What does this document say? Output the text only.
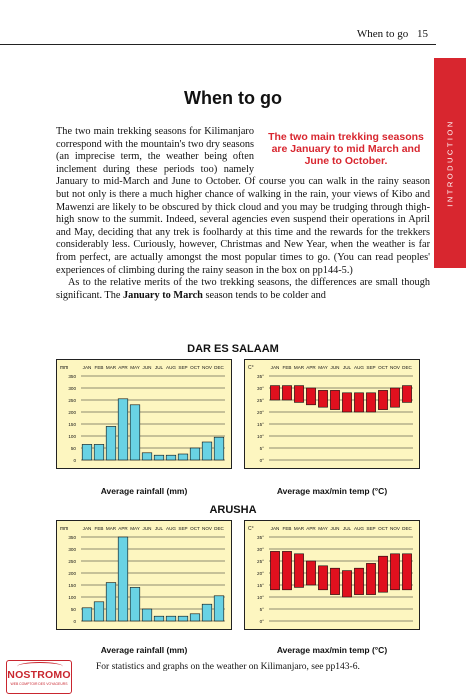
When to go 15
INTRODUCTION
When to go

The two main trekking seasons are January to mid March and June to October.
The two main trekking seasons for Kilimanjaro correspond with the mountain's two dry seasons (an imprecise term, the weather being often inclement during these periods too) namely January to mid-March and June to October. Of course you can walk in the rainy season but not only is there a much higher chance of walking in the rain, your views of Kibo and Mawenzi are likely to be obscured by thick cloud and you may be trudging through thigh-high snow to the summit. Indeed, several agencies even suspend their operations in April and May, deciding that any trek is foolhardy at this time and the rewards for the trekkers considerably less. Curiously, however, Christmas and New Year, when the weather is far from perfect, are actually amongst the most popular times to go. (You can read peoples' experiences of climbing during the rainy season in the box on pp144-5.)

As to the relative merits of the two trekking seasons, the differences are small though significant. The January to March season tends to be colder and

DAR ES SALAAM
mm	JAN FEB MAR APR MAY JUN JUL AUG SEP OCT NOV DEC
350
300
250
200
150
100
50
0
C°	JAN FEB MAR APR MAY JUN JUL AUG SEP OCT NOV DEC
35°
30°
25°
20°
15°
10°
5°
0°
Average rainfall (mm)	Average max/min temp (°C)
ARUSHA
mm	JAN FEB MAR APR MAY JUN JUL AUG SEP OCT NOV DEC
350
300
250
200
150
100
50
0
C°	JAN FEB MAR APR MAY JUN JUL AUG SEP OCT NOV DEC
35°
30°
25°
20°
15°
10°
5°
0°
Average rainfall (mm)	Average max/min temp (°C)
For statistics and graphs on the weather on Kilimanjaro, see pp143-6.
NOSTROMO
WEB COMPTOIR DES VOYAGEURS
